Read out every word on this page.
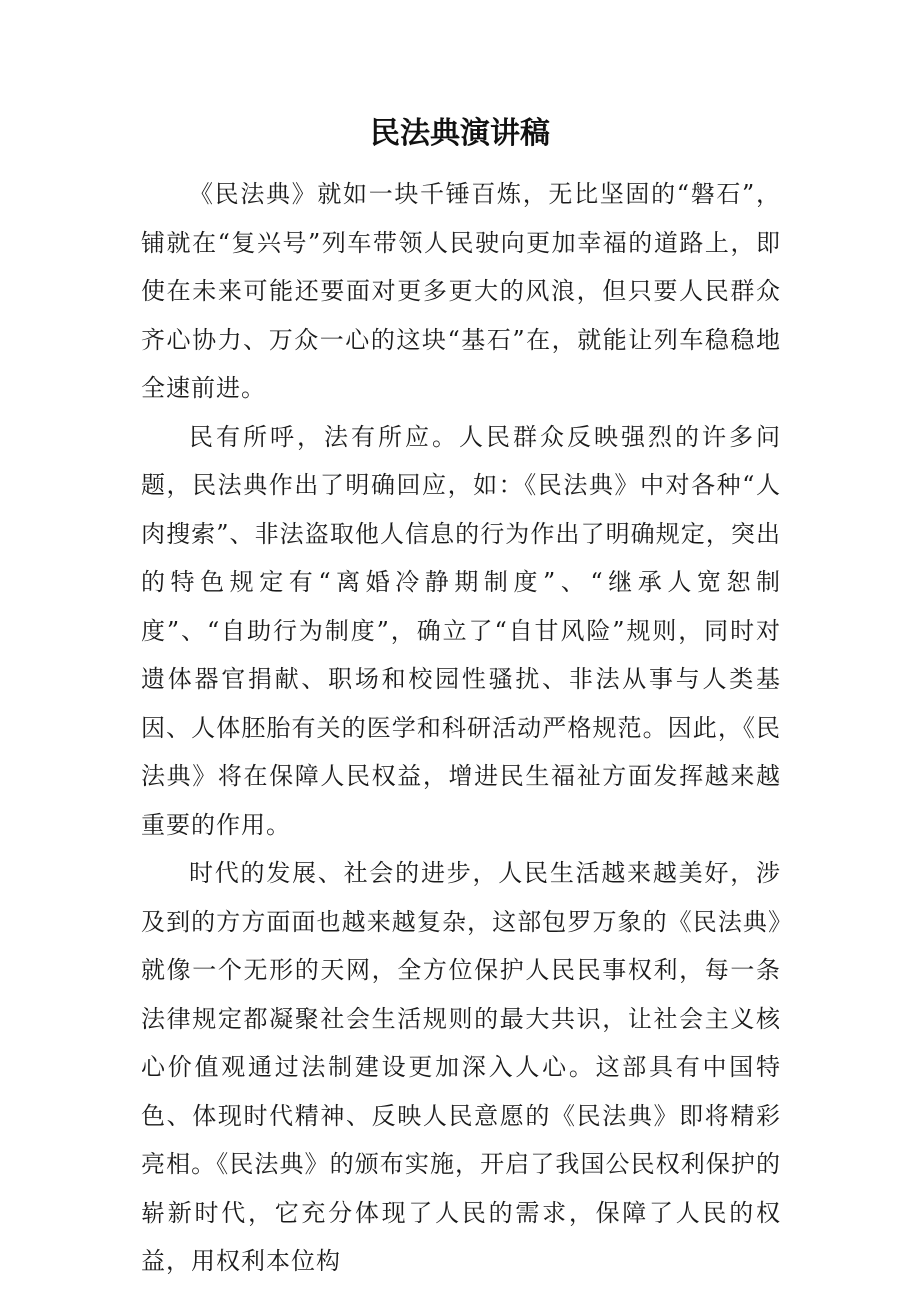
民法典演讲稿

《民法典》就如一块千锤百炼，无比坚固的“磐石”，铺就在“复兴号”列车带领人民驶向更加幸福的道路上，即使在未来可能还要面对更多更大的风浪，但只要人民群众齐心协力、万众一心的这块“基石”在，就能让列车稳稳地全速前进。

民有所呼，法有所应。人民群众反映强烈的许多问题，民法典作出了明确回应，如：《民法典》中对各种“人肉搜索”、非法盗取他人信息的行为作出了明确规定，突出的特色规定有“离婚冷静期制度”、“继承人宽恕制度”、“自助行为制度”，确立了“自甘风险”规则，同时对遗体器官捐献、职场和校园性骚扰、非法从事与人类基因、人体胚胎有关的医学和科研活动严格规范。因此，《民法典》将在保障人民权益，增进民生福祉方面发挥越来越重要的作用。

时代的发展、社会的进步，人民生活越来越美好，涉及到的方方面面也越来越复杂，这部包罗万象的《民法典》就像一个无形的天网，全方位保护人民民事权利，每一条法律规定都凝聚社会生活规则的最大共识，让社会主义核心价值观通过法制建设更加深入人心。这部具有中国特色、体现时代精神、反映人民意愿的《民法典》即将精彩亮相。《民法典》的颁布实施，开启了我国公民权利保护的崭新时代，它充分体现了人民的需求，保障了人民的权益，用权利本位构
